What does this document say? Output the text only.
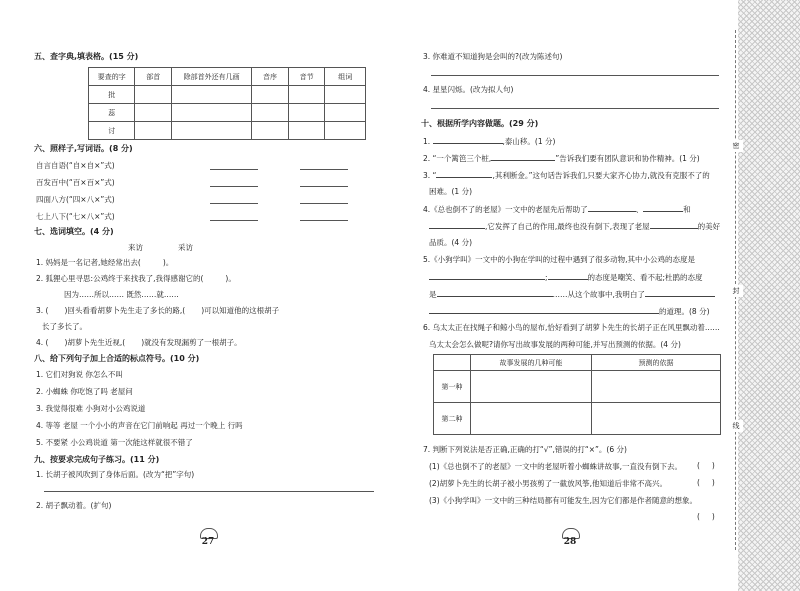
五、查字典,填表格。(15 分)
要查的字	部首	除部首外还有几画	音序	音节	组词
批					
蕊					
讨					
六、照样子,写词语。(8 分)
自言自语(“自×自×”式)
百发百中(“百×百×”式)
四面八方(“四×八×”式)
七上八下(“七×八×”式)
七、选词填空。(4 分)
来访	采访
1. 妈妈是一名记者,她经常出去(	)。
2. 狐狸心里寻思:公鸡终于来找我了,我得感谢它的(	)。
因为……所以…… 既然……就……
3. ( )回头看看胡萝卜先生走了多长的路,( )可以知道他的这根胡子
长了多长了。
4. ( )胡萝卜先生近视,( )就没有发现漏剪了一根胡子。
八、给下列句子加上合适的标点符号。(10 分)
1. 它们对狗说 你怎么不叫
2. 小蜘蛛 你吃饱了吗 老屋问
3. 我觉得很难 小狗对小公鸡说道
4. 等等 老屋 一个小小的声音在它门前响起 再过一个晚上 行吗
5. 不要紧 小公鸡说道 第一次能这样就很不错了
九、按要求完成句子练习。(11 分)
1. 长胡子被风吹到了身体后面。(改为“把”字句)
2. 胡子飘动着。(扩句)
27
3. 你难道不知道狗是会叫的?(改为陈述句)
4. 星星闪烁。(改为拟人句)
十、根据所学内容做题。(29 分)
1.	,泰山移。(1 分)
2. “一个篱笆三个桩,	”告诉我们要有团队意识和协作精神。(1 分)
3. “	,其利断金。”这句话告诉我们,只要大家齐心协力,就没有克服不了的
困难。(1 分)
4.《总也倒不了的老屋》一文中的老屋先后帮助了	、	和
,它发挥了自己的作用,最终也没有倒下,表现了老屋	的美好
品质。(4 分)
5.《小狗学叫》一文中的小狗在学叫的过程中遇到了很多动物,其中小公鸡的态度是
;	的态度是嘲笑、看不起;杜鹃的态度
是	……从这个故事中,我明白了
的道理。(8 分)
6. 乌太太正在找绳子和鲸小鸟的屋布,恰好看到了胡萝卜先生的长胡子正在风里飘动着……
乌太太会怎么做呢?请你写出故事发展的两种可能,并写出预测的依据。(4 分)
	故事发展的几种可能	预测的依据
第一种		
第二种		
7. 判断下列说法是否正确,正确的打“√”,错误的打“×”。(6 分)
(1)《总也倒不了的老屋》一文中的老屋听着小蜘蛛讲故事,一直没有倒下去。 (     )
(2)胡萝卜先生的长胡子被小男孩剪了一截放风筝,他知道后非常不高兴。	(     )
(3)《小狗学叫》一文中的三种结局都有可能发生,因为它们都是作者随意的想象。
(     )
28
密
封
线
